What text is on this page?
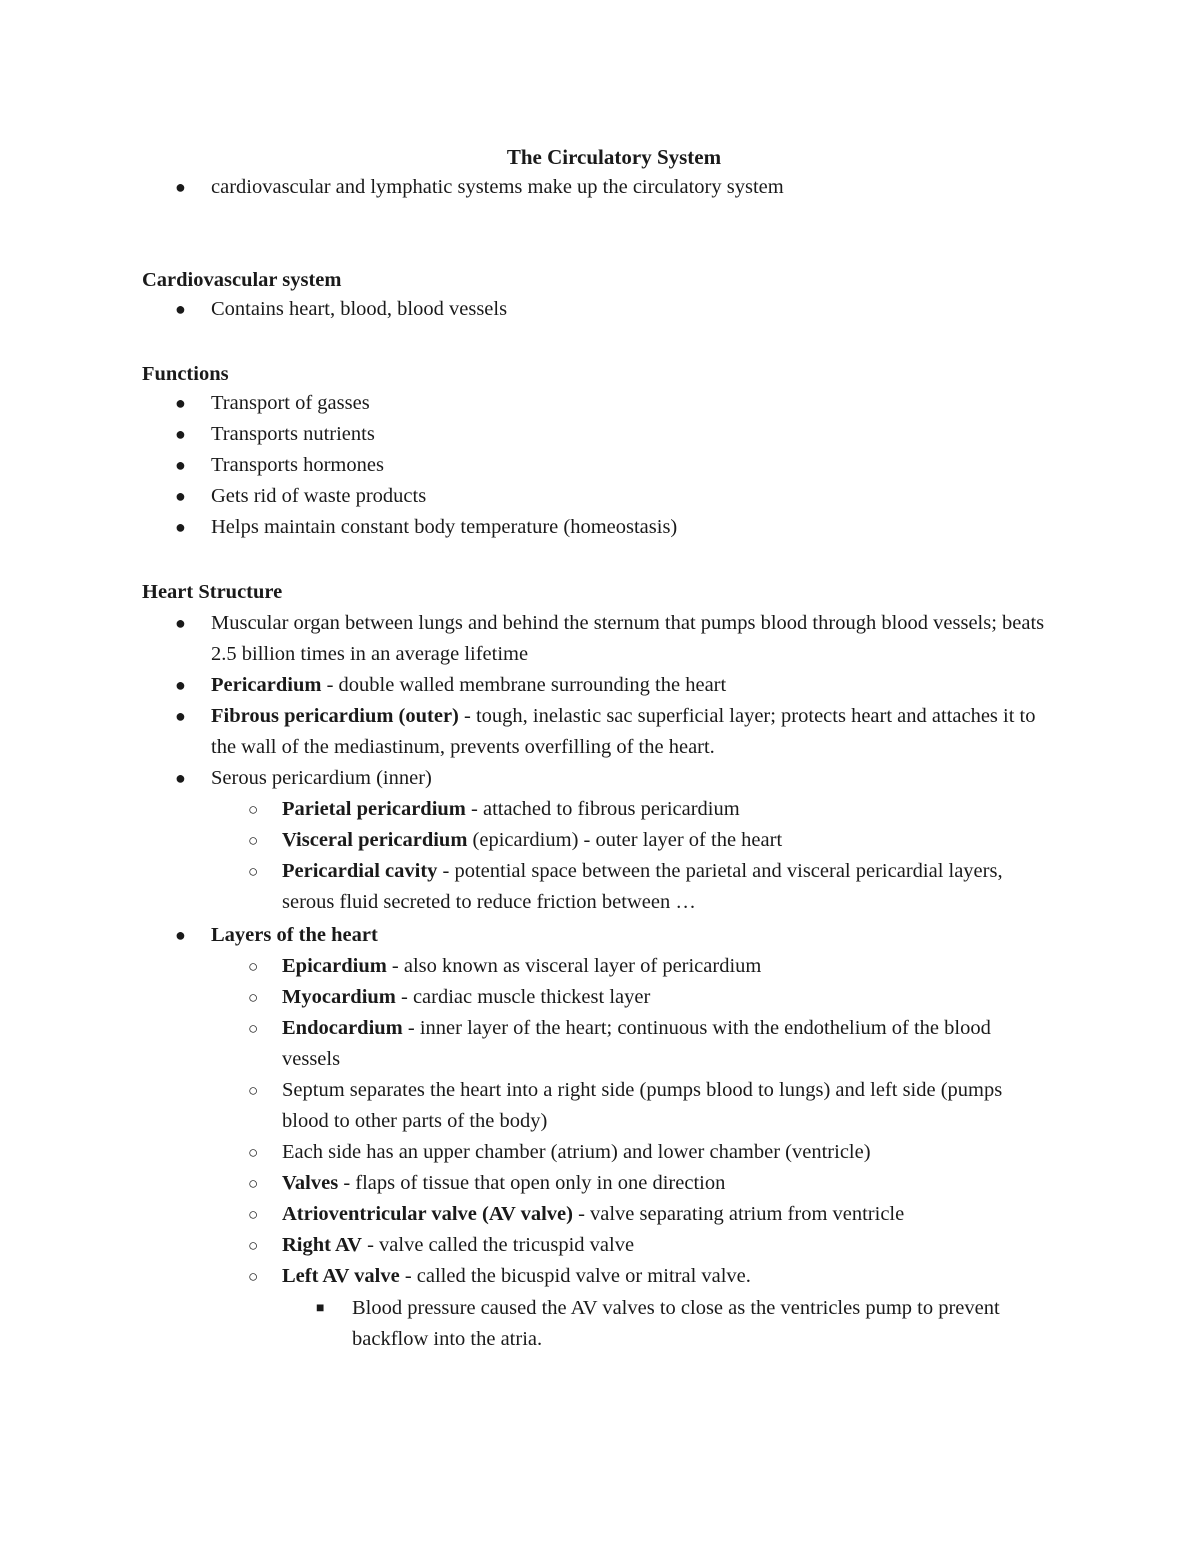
The Circulatory System
● cardiovascular and lymphatic systems make up the circulatory system
Cardiovascular system
● Contains heart, blood, blood vessels
Functions
● Transport of gasses
● Transports nutrients
● Transports hormones
● Gets rid of waste products
● Helps maintain constant body temperature (homeostasis)
Heart Structure
● Muscular organ between lungs and behind the sternum that pumps blood through blood vessels; beats 2.5 billion times in an average lifetime
● Pericardium - double walled membrane surrounding the heart
● Fibrous pericardium (outer) - tough, inelastic sac superficial layer; protects heart and attaches it to the wall of the mediastinum, prevents overfilling of the heart.
● Serous pericardium (inner)
○ Parietal pericardium - attached to fibrous pericardium
○ Visceral pericardium (epicardium) - outer layer of the heart
○ Pericardial cavity - potential space between the parietal and visceral pericardial layers, serous fluid secreted to reduce friction between …
● Layers of the heart
○ Epicardium - also known as visceral layer of pericardium
○ Myocardium - cardiac muscle thickest layer
○ Endocardium - inner layer of the heart; continuous with the endothelium of the blood vessels
○ Septum separates the heart into a right side (pumps blood to lungs) and left side (pumps blood to other parts of the body)
○ Each side has an upper chamber (atrium) and lower chamber (ventricle)
○ Valves - flaps of tissue that open only in one direction
○ Atrioventricular valve (AV valve) - valve separating atrium from ventricle
○ Right AV - valve called the tricuspid valve
○ Left AV valve - called the bicuspid valve or mitral valve.
■ Blood pressure caused the AV valves to close as the ventricles pump to prevent backflow into the atria.
